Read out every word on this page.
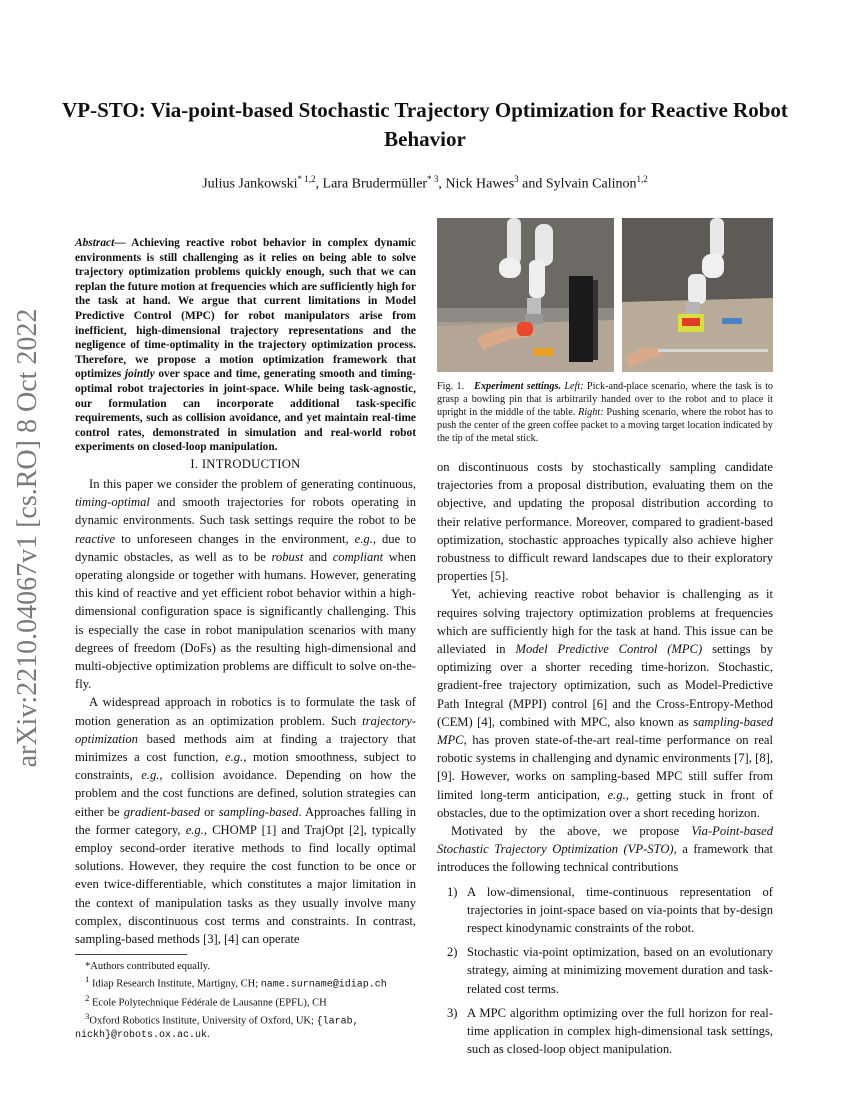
arXiv:2210.04067v1 [cs.RO] 8 Oct 2022
VP-STO: Via-point-based Stochastic Trajectory Optimization for Reactive Robot Behavior
Julius Jankowski$^{* 1,2}$, Lara Brudermüller$^{* 3}$, Nick Hawes$^3$ and Sylvain Calinon$^{1,2}$

Abstract— Achieving reactive robot behavior in complex dynamic environments is still challenging as it relies on being able to solve trajectory optimization problems quickly enough, such that we can replan the future motion at frequencies which are sufficiently high for the task at hand. We argue that current limitations in Model Predictive Control (MPC) for robot manipulators arise from inefficient, high-dimensional trajectory representations and the negligence of time-optimality in the trajectory optimization process. Therefore, we propose a motion optimization framework that optimizes jointly over space and time, generating smooth and timing-optimal robot trajectories in joint-space. While being task-agnostic, our formulation can incorporate additional task-specific requirements, such as collision avoidance, and yet maintain real-time control rates, demonstrated in simulation and real-world robot experiments on closed-loop manipulation.

I. INTRODUCTION

In this paper we consider the problem of generating continuous, timing-optimal and smooth trajectories for robots operating in dynamic environments. Such task settings require the robot to be reactive to unforeseen changes in the environment, e.g., due to dynamic obstacles, as well as to be robust and compliant when operating alongside or together with humans. However, generating this kind of reactive and yet efficient robot behavior within a high-dimensional configuration space is significantly challenging. This is especially the case in robot manipulation scenarios with many degrees of freedom (DoFs) as the resulting high-dimensional and multi-objective optimization problems are difficult to solve on-the-fly.

A widespread approach in robotics is to formulate the task of motion generation as an optimization problem. Such trajectory-optimization based methods aim at finding a trajectory that minimizes a cost function, e.g., motion smoothness, subject to constraints, e.g., collision avoidance. Depending on how the problem and the cost functions are defined, solution strategies can either be gradient-based or sampling-based. Approaches falling in the former category, e.g., CHOMP [1] and TrajOpt [2], typically employ second-order iterative methods to find locally optimal solutions. However, they require the cost function to be once or even twice-differentiable, which constitutes a major limitation in the context of manipulation tasks as they usually involve many complex, discontinuous cost terms and constraints. In contrast, sampling-based methods [3], [4] can operate

*Authors contributed equally.
$^1$ Idiap Research Institute, Martigny, CH; name.surname@idiap.ch
$^2$ Ecole Polytechnique Fédérale de Lausanne (EPFL), CH
$^3$Oxford Robotics Institute, University of Oxford, UK; {larab, nickh}@robots.ox.ac.uk.
Fig. 1. Experiment settings. Left: Pick-and-place scenario, where the task is to grasp a bowling pin that is arbitrarily handed over to the robot and to place it upright in the middle of the table. Right: Pushing scenario, where the robot has to push the center of the green coffee packet to a moving target location indicated by the tip of the metal stick.

on discontinuous costs by stochastically sampling candidate trajectories from a proposal distribution, evaluating them on the objective, and updating the proposal distribution according to their relative performance. Moreover, compared to gradient-based optimization, stochastic approaches typically also achieve higher robustness to difficult reward landscapes due to their exploratory properties [5].

Yet, achieving reactive robot behavior is challenging as it requires solving trajectory optimization problems at frequencies which are sufficiently high for the task at hand. This issue can be alleviated in Model Predictive Control (MPC) settings by optimizing over a shorter receding time-horizon. Stochastic, gradient-free trajectory optimization, such as Model-Predictive Path Integral (MPPI) control [6] and the Cross-Entropy-Method (CEM) [4], combined with MPC, also known as sampling-based MPC, has proven state-of-the-art real-time performance on real robotic systems in challenging and dynamic environments [7], [8], [9]. However, works on sampling-based MPC still suffer from limited long-term anticipation, e.g., getting stuck in front of obstacles, due to the optimization over a short receding horizon.

Motivated by the above, we propose Via-Point-based Stochastic Trajectory Optimization (VP-STO), a framework that introduces the following technical contributions

1) A low-dimensional, time-continuous representation of trajectories in joint-space based on via-points that by-design respect kinodynamic constraints of the robot.
2) Stochastic via-point optimization, based on an evolutionary strategy, aiming at minimizing movement duration and task-related cost terms.
3) A MPC algorithm optimizing over the full horizon for real-time application in complex high-dimensional task settings, such as closed-loop object manipulation.
